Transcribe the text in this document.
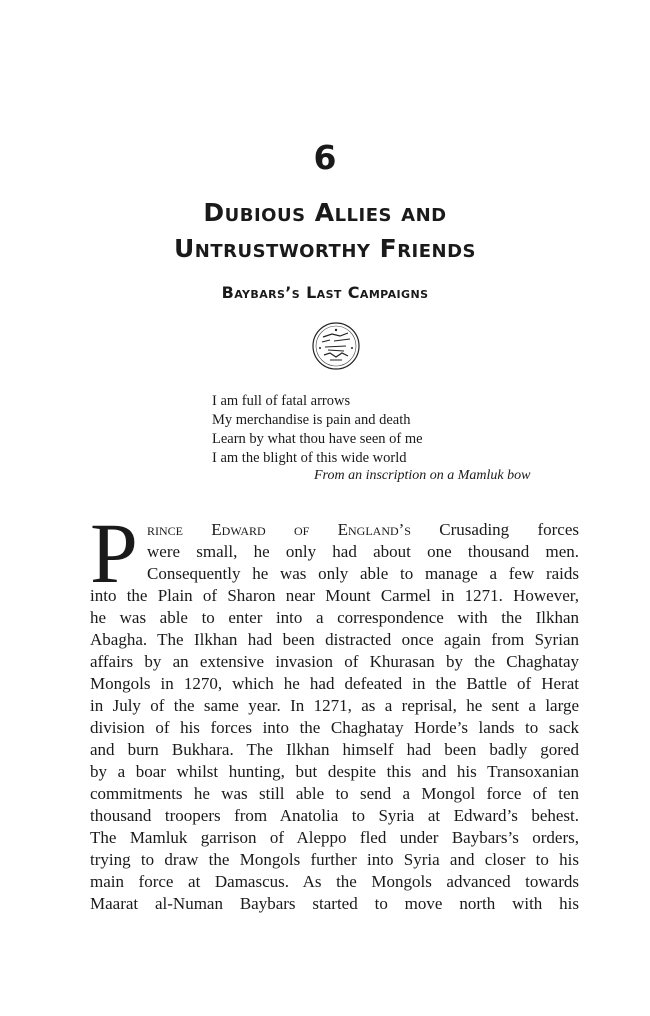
6
Dubious Allies and
Untrustworthy Friends
Baybars’s Last Campaigns
I am full of fatal arrows
My merchandise is pain and death
Learn by what thou have seen of me
I am the blight of this wide world
From an inscription on a Mamluk bow
P rince Edward of England’s Crusading forces
were small, he only had about one thousand men.
Consequently he was only able to manage a few raids
into the Plain of Sharon near Mount Carmel in 1271. However,
he was able to enter into a correspondence with the Ilkhan
Abagha. The Ilkhan had been distracted once again from Syrian
affairs by an extensive invasion of Khurasan by the Chaghatay
Mongols in 1270, which he had defeated in the Battle of Herat
in July of the same year. In 1271, as a reprisal, he sent a large
division of his forces into the Chaghatay Horde’s lands to sack
and burn Bukhara. The Ilkhan himself had been badly gored
by a boar whilst hunting, but despite this and his Transoxanian
commitments he was still able to send a Mongol force of ten
thousand troopers from Anatolia to Syria at Edward’s behest.
The Mamluk garrison of Aleppo fled under Baybars’s orders,
trying to draw the Mongols further into Syria and closer to his
main force at Damascus. As the Mongols advanced towards
Maarat al-Numan Baybars started to move north with his
